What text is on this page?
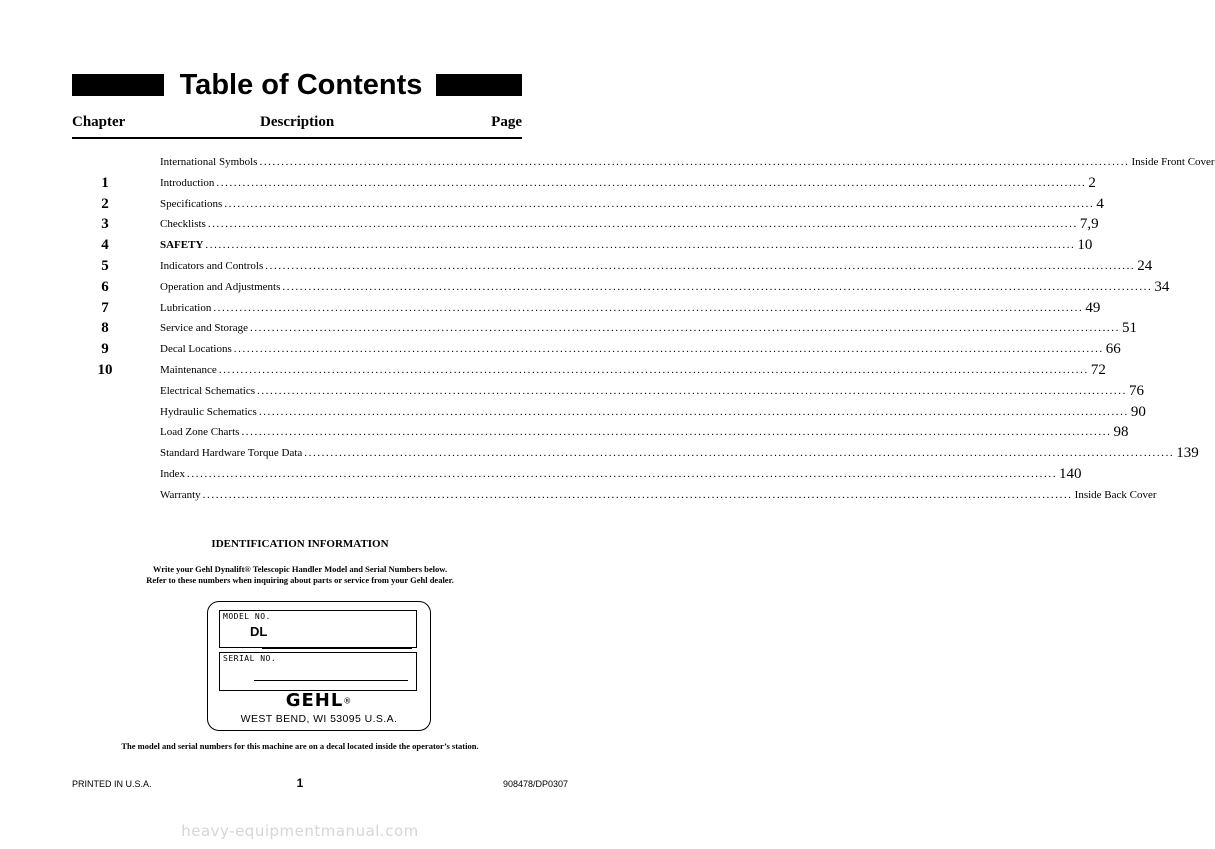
Table of Contents
Chapter	Description	Page
International Symbols ........................................................................................................................................................................................................ Inside Front Cover
1	Introduction ........................................................................................................................................................................................................ 2
2	Specifications ........................................................................................................................................................................................................ 4
3	Checklists ........................................................................................................................................................................................................ 7,9
4	SAFETY ........................................................................................................................................................................................................ 10
5	Indicators and Controls ........................................................................................................................................................................................................ 24
6	Operation and Adjustments ........................................................................................................................................................................................................ 34
7	Lubrication ........................................................................................................................................................................................................ 49
8	Service and Storage ........................................................................................................................................................................................................ 51
9	Decal Locations ........................................................................................................................................................................................................ 66
10	Maintenance ........................................................................................................................................................................................................ 72
Electrical Schematics ........................................................................................................................................................................................................ 76
Hydraulic Schematics ........................................................................................................................................................................................................ 90
Load Zone Charts ........................................................................................................................................................................................................ 98
Standard Hardware Torque Data ........................................................................................................................................................................................................ 139
Index ........................................................................................................................................................................................................ 140
Warranty ........................................................................................................................................................................................................ Inside Back Cover
IDENTIFICATION INFORMATION
Write your Gehl Dynalift® Telescopic Handler Model and Serial Numbers below.
Refer to these numbers when inquiring about parts or service from your Gehl dealer.
MODEL NO.
DL
SERIAL NO.
GEHL®
WEST BEND, WI 53095 U.S.A.
The model and serial numbers for this machine are on a decal located inside the operator’s station.
PRINTED IN U.S.A.	1	908478/DP0307
heavy-equipmentmanual.com
